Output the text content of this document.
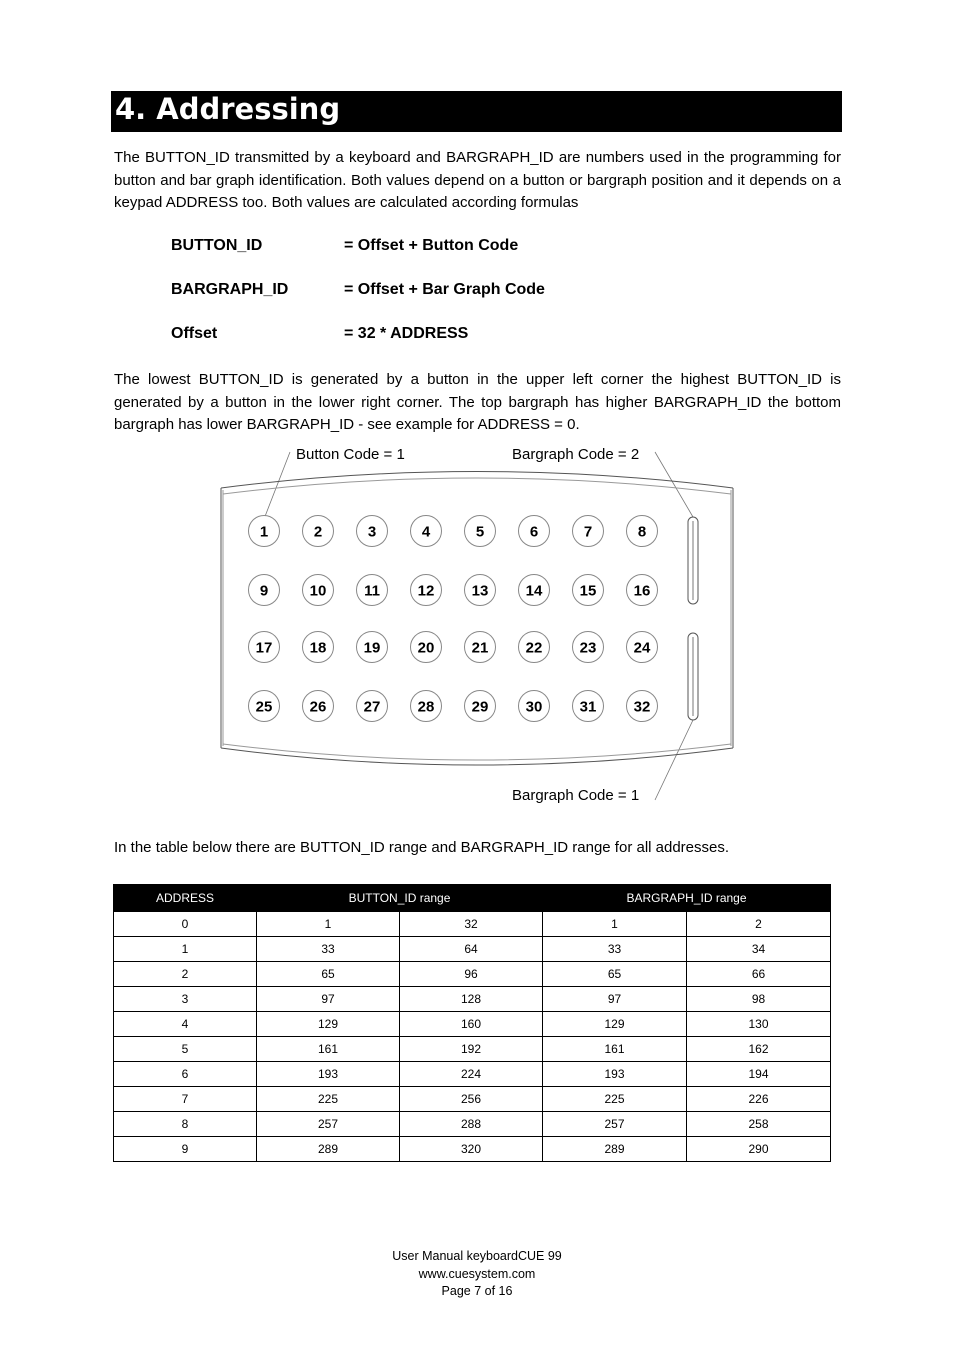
4. Addressing

The BUTTON_ID transmitted by a keyboard and BARGRAPH_ID are numbers used in the programming for button and bar graph identification. Both values depend on a button or bargraph position and it depends on a keypad ADDRESS too. Both values are calculated according formulas

BUTTON_ID	= Offset + Button Code
BARGRAPH_ID	= Offset + Bar Graph Code
Offset	= 32 * ADDRESS

The lowest BUTTON_ID is generated by a button in the upper left corner the highest BUTTON_ID is generated by a button in the lower right corner. The top bargraph has higher BARGRAPH_ID the bottom bargraph has lower BARGRAPH_ID - see example for ADDRESS = 0.

Button Code = 1	Bargraph Code = 2
Bargraph Code = 1
1	2	3	4	5	6	7	8
9	10	11	12 13 14 15 16
17 18 19 20 21 22 23 24
25 26 27 28 29 30 31 32

In the table below there are BUTTON_ID range and BARGRAPH_ID range for all addresses.

ADDRESS	BUTTON_ID range		BARGRAPH_ID range	
0	1	32	1	2
1	33	64	33	34
2	65	96	65	66
3	97	128	97	98
4	129	160	129	130
5	161	192	161	162
6	193	224	193	194
7	225	256	225	226
8	257	288	257	258
9	289	320	289	290
User Manual keyboardCUE 99
www.cuesystem.com
Page 7 of 16
